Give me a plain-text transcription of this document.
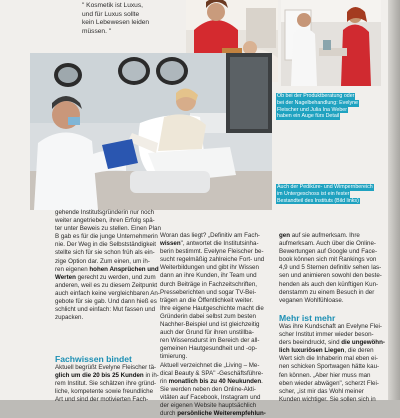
" Kosmetik ist Luxus,
und für Luxus sollte
kein Lebewesen leiden
müssen. "
Ob bei der Produktberatung oder
bei der Nagelbehandlung: Evelyne
Fleischer und Julia Ina Weber
haben ein Auge fürs Detail
Auch der Pediküre- und Wimpernbereich
im Untergeschoss ist ein fester
Bestandteil des Instituts (Bild links)
gehende Institutsgründerin nur noch
weiter angetrieben, ihren Erfolg spä-
ter unter Beweis zu stellen. Einen Plan
B gab es für die junge Unternehmerin
nie. Der Weg in die Selbstständigkeit
stellte sich für sie schon früh als ein-
zige Option dar. Zum einen, um ih-
ren eigenen hohen Ansprüchen und
Werten gerecht zu werden, und zum
anderen, weil es zu diesem Zeitpunkt
auch einfach keine vergleichbaren An-
gebote für sie gab. Und dann hieß es
schlicht und einfach: Mut fassen und
zupacken.
Fachwissen bindet
Aktuell begrüßt Evelyne Fleischer tä-
glich um die 20 bis 25 Kunden in ih-
rem Institut. Sie schätzen ihre gründ-
liche, kompetente sowie freundliche
Art und sind der motivierten Fach-
Woran das liegt? „Definitiv am Fach-
wissen", antwortet die Institutsinha-
berin bestimmt. Evelyne Fleischer be-
sucht regelmäßig zahlreiche Fort- und
Weiterbildungen und gibt ihr Wissen
dann an ihre Kunden, ihr Team und
durch Beiträge in Fachzeitschriften,
Presseberichten und sogar TV-Bei-
trägen an die Öffentlichkeit weiter.
Ihre eigene Hautgeschichte macht die
Gründerin dabei selbst zum besten
Nachher-Beispiel und ist gleichzeitig
auch der Grund für ihren unstillba-
ren Wissensdurst im Bereich der all-
gemeinen Hautgesundheit und -op-
timierung.
Aktuell verzeichnet die „Living – Me-
dical Beauty & SPA" -Geschäftsführe-
rin monatlich bis zu 40 Neukunden.
Sie werden neben den Online-Akti-
vitäten auf Facebook, Instagram und
der eigenen Website hauptsächlich
durch persönliche Weiterempfehlun-
gen auf sie aufmerksam. Ihre
aufmerksam. Auch über die Online-
Bewertungen auf Google und Face-
book können sich mit Rankings von
4,9 und 5 Sternen definitiv sehen las-
sen und animieren sowohl den beste-
henden als auch den künftigen Kun-
denstamm zu einem Besuch in der
veganen Wohlfühloase.
Mehr ist mehr
Was ihre Kundschaft an Evelyne Flei-
scher Institut immer wieder beson-
ders beeindruckt, sind die ungewöhn-
lich luxuriösen Liegen, die deren
Wert sich die Inhaberin mal eben ei-
nen schicken Sportwagen hätte kau-
fen können. „Aber hier muss man
eben wieder abwägen", scherzt Flei-
scher, „ist mir das Wohl meiner
Kunden wichtiger. Sie sollen sich in
